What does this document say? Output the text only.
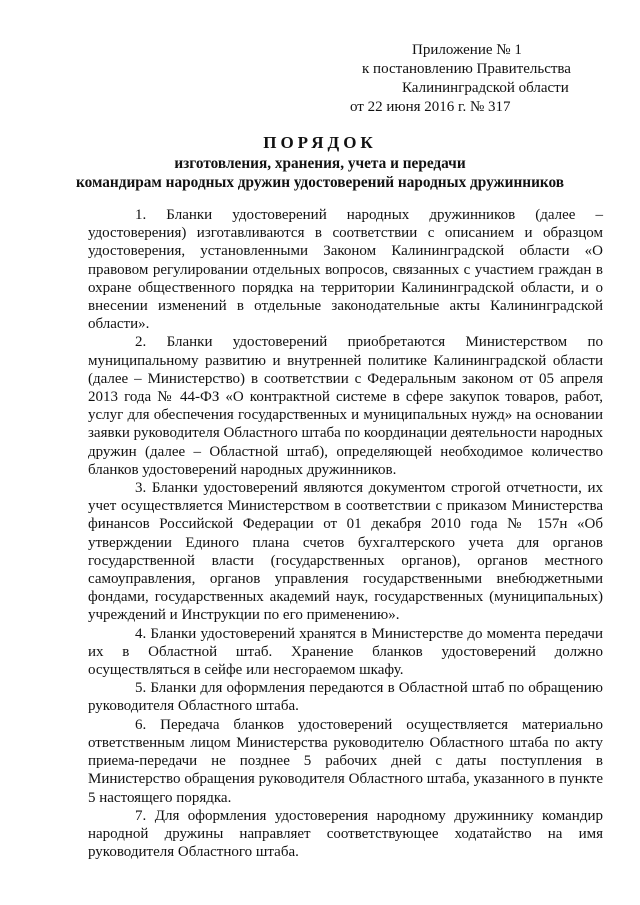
Приложение № 1
к постановлению Правительства
Калининградской области
от 22 июня 2016 г. № 317
ПОРЯДОК
изготовления, хранения, учета и передачи
командирам народных дружин удостоверений народных дружинников

1. Бланки удостоверений народных дружинников (далее – удостоверения) изготавливаются в соответствии с описанием и образцом удостоверения, установленными Законом Калининградской области «О правовом регулировании отдельных вопросов, связанных с участием граждан в охране общественного порядка на территории Калининградской области, и о внесении изменений в отдельные законодательные акты Калининградской области».

2. Бланки удостоверений приобретаются Министерством по муниципальному развитию и внутренней политике Калининградской области (далее – Министерство) в соответствии с Федеральным законом от 05 апреля 2013 года № 44-ФЗ «О контрактной системе в сфере закупок товаров, работ, услуг для обеспечения государственных и муниципальных нужд» на основании заявки руководителя Областного штаба по координации деятельности народных дружин (далее – Областной штаб), определяющей необходимое количество бланков удостоверений народных дружинников.

3. Бланки удостоверений являются документом строгой отчетности, их учет осуществляется Министерством в соответствии с приказом Министерства финансов Российской Федерации от 01 декабря 2010 года № 157н «Об утверждении Единого плана счетов бухгалтерского учета для органов государственной власти (государственных органов), органов местного самоуправления, органов управления государственными внебюджетными фондами, государственных академий наук, государственных (муниципальных) учреждений и Инструкции по его применению».

4. Бланки удостоверений хранятся в Министерстве до момента передачи их в Областной штаб. Хранение бланков удостоверений должно осуществляться в сейфе или несгораемом шкафу.

5. Бланки для оформления передаются в Областной штаб по обращению руководителя Областного штаба.

6. Передача бланков удостоверений осуществляется материально ответственным лицом Министерства руководителю Областного штаба по акту приема-передачи не позднее 5 рабочих дней с даты поступления в Министерство обращения руководителя Областного штаба, указанного в пункте 5 настоящего порядка.

7. Для оформления удостоверения народному дружиннику командир народной дружины направляет соответствующее ходатайство на имя руководителя Областного штаба.
